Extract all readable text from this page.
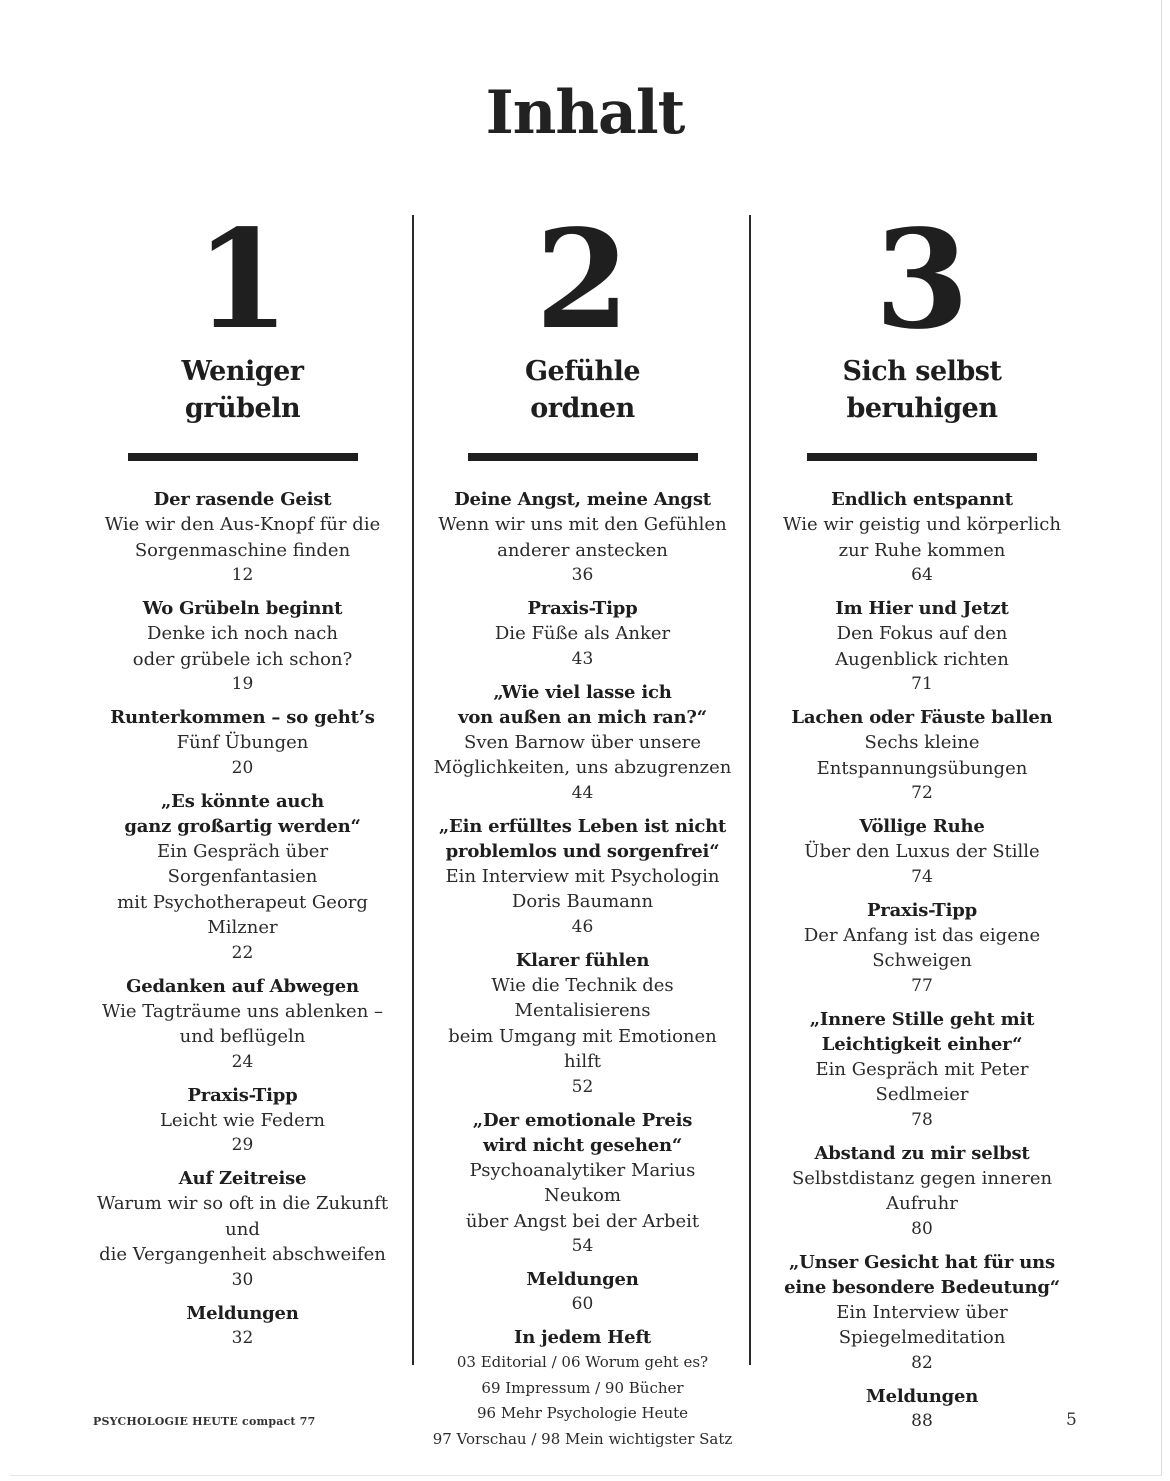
Inhalt
1
Weniger
grübeln
Der rasende Geist
Wie wir den Aus-Knopf für die
Sorgenmaschine finden
12
Wo Grübeln beginnt
Denke ich noch nach
oder grübele ich schon?
19
Runterkommen – so geht’s
Fünf Übungen
20
„Es könnte auch
ganz großartig werden“
Ein Gespräch über Sorgenfantasien
mit Psychotherapeut Georg Milzner
22
Gedanken auf Abwegen
Wie Tagträume uns ablenken –
und beflügeln
24
Praxis-Tipp
Leicht wie Federn
29
Auf Zeitreise
Warum wir so oft in die Zukunft und
die Vergangenheit abschweifen
30
Meldungen
32
2
Gefühle
ordnen
Deine Angst, meine Angst
Wenn wir uns mit den Gefühlen
anderer anstecken
36
Praxis-Tipp
Die Füße als Anker
43
„Wie viel lasse ich
von außen an mich ran?“
Sven Barnow über unsere
Möglichkeiten, uns abzugrenzen
44
„Ein erfülltes Leben ist nicht
problemlos und sorgenfrei“
Ein Interview mit Psychologin
Doris Baumann
46
Klarer fühlen
Wie die Technik des Mentalisierens
beim Umgang mit Emotionen hilft
52
„Der emotionale Preis
wird nicht gesehen“
Psychoanalytiker Marius Neukom
über Angst bei der Arbeit
54
Meldungen
60
In jedem Heft
03 Editorial / 06 Worum geht es?
69 Impressum / 90 Bücher
96 Mehr Psychologie Heute
97 Vorschau / 98 Mein wichtigster Satz
3
Sich selbst
beruhigen
Endlich entspannt
Wie wir geistig und körperlich
zur Ruhe kommen
64
Im Hier und Jetzt
Den Fokus auf den
Augenblick richten
71
Lachen oder Fäuste ballen
Sechs kleine Entspannungsübungen
72
Völlige Ruhe
Über den Luxus der Stille
74
Praxis-Tipp
Der Anfang ist das eigene Schweigen
77
„Innere Stille geht mit
Leichtigkeit einher“
Ein Gespräch mit Peter Sedlmeier
78
Abstand zu mir selbst
Selbstdistanz gegen inneren Aufruhr
80
„Unser Gesicht hat für uns
eine besondere Bedeutung“
Ein Interview über Spiegelmeditation
82
Meldungen
88
PSYCHOLOGIE HEUTE compact 77	5
